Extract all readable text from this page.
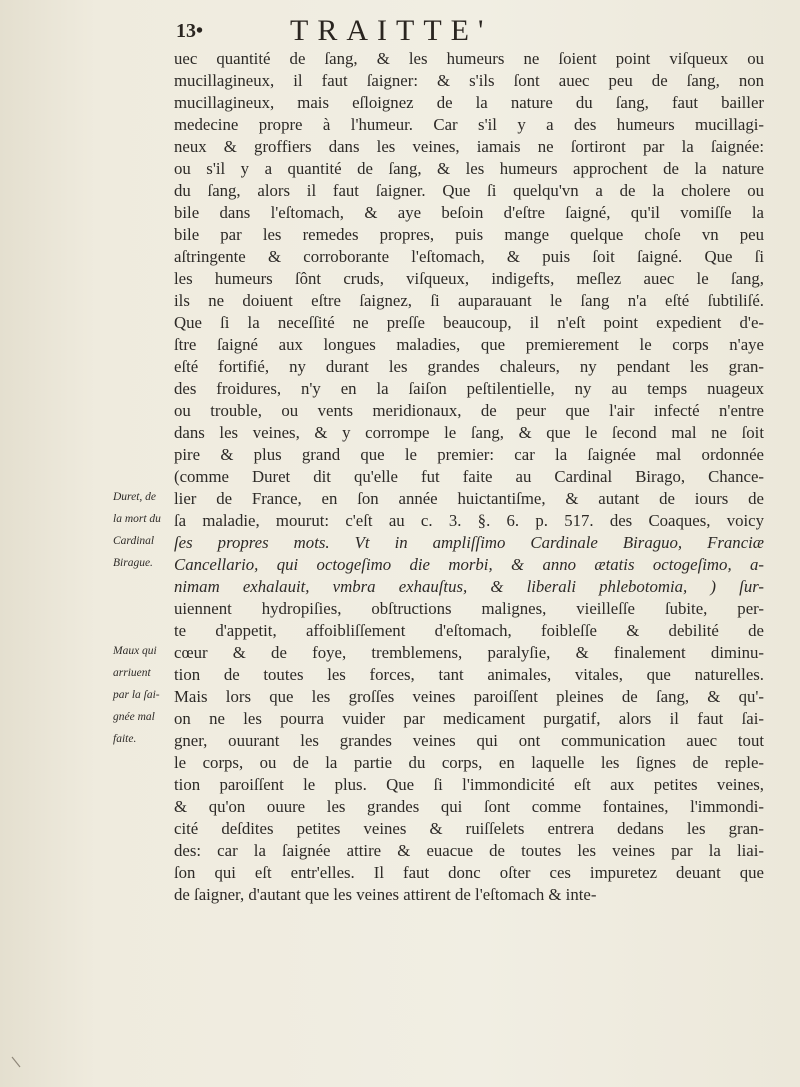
13•	TRAITTE'
uec quantité de ſang, & les humeurs ne ſoient point viſqueux ou
mucillagineux, il faut ſaigner: & s'ils ſont auec peu de ſang, non
mucillagineux, mais eſloignez de la nature du ſang, faut bailler
medecine propre à l'humeur. Car s'il y a des humeurs mucillagi-
neux & groffiers dans les veines, iamais ne ſortiront par la ſaignée:
ou s'il y a quantité de ſang, & les humeurs approchent de la nature
du ſang, alors il faut ſaigner. Que ſi quelqu'vn a de la cholere ou
bile dans l'eſtomach, & aye beſoin d'eſtre ſaigné, qu'il vomiſſe la
bile par les remedes propres, puis mange quelque choſe vn peu
aſtringente & corroborante l'eſtomach, & puis ſoit ſaigné. Que ſi
les humeurs ſônt cruds, viſqueux, indigefts, meſlez auec le ſang,
ils ne doiuent eſtre ſaignez, ſi auparauant le ſang n'a eſté ſubtiliſé.
Que ſi la neceſſité ne preſſe beaucoup, il n'eſt point expedient d'e-
ſtre ſaigné aux longues maladies, que premierement le corps n'aye
eſté fortifié, ny durant les grandes chaleurs, ny pendant les gran-
des froidures, n'y en la ſaiſon peſtilentielle, ny au temps nuageux
ou trouble, ou vents meridionaux, de peur que l'air infecté n'entre
dans les veines, & y corrompe le ſang, & que le ſecond mal ne ſoit
pire & plus grand que le premier: car la ſaignée mal ordonnée
(comme Duret dit qu'elle fut faite au Cardinal Birago, Chance-
lier de France, en ſon année huictantiſme, & autant de iours de
ſa maladie, mourut: c'eſt au c. 3. §. 6. p. 517. des Coaques, voicy
ſes propres mots. Vt in ampliſſimo Cardinale Biraguo, Franciæ
Cancellario, qui octogeſimo die morbi, & anno ætatis octogeſimo, a-
nimam exhalauit, vmbra exhauſtus, & liberali phlebotomia, ) ſur-
uiennent hydropiſies, obſtructions malignes, vieilleſſe ſubite, per-
te d'appetit, affoibliſſement d'eſtomach, foibleſſe & debilité de
cœur & de foye, tremblemens, paralyſie, & finalement diminu-
tion de toutes les forces, tant animales, vitales, que naturelles.
Mais lors que les groſſes veines paroiſſent pleines de ſang, & qu'-
on ne les pourra vuider par medicament purgatif, alors il faut ſai-
gner, ouurant les grandes veines qui ont communication auec tout
le corps, ou de la partie du corps, en laquelle les ſignes de reple-
tion paroiſſent le plus. Que ſi l'immondicité eſt aux petites veines,
& qu'on ouure les grandes qui ſont comme fontaines, l'immondi-
cité deſdites petites veines & ruiſſelets entrera dedans les gran-
des: car la ſaignée attire & euacue de toutes les veines par la liai-
ſon qui eſt entr'elles. Il faut donc oſter ces impuretez deuant que
de ſaigner, d'autant que les veines attirent de l'eſtomach & inte-
Duret, de
la mort du
Cardinal
Birague.
Maux qui
arriuent
par la ſai-
gnée mal
faite.
